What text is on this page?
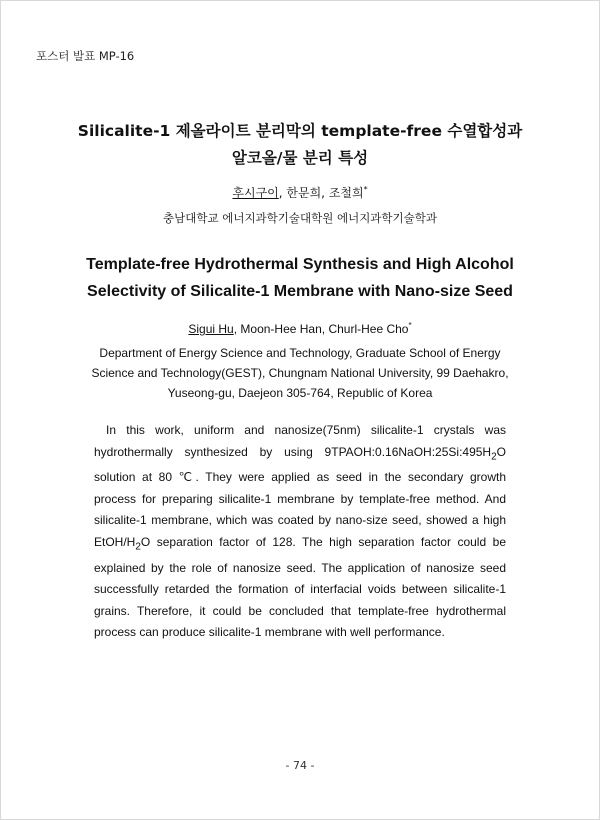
포스터 발표 MP-16
Silicalite-1 제올라이트 분리막의 template-free 수열합성과
알코올/물 분리 특성
후시구이, 한문희, 조철희*
충남대학교 에너지과학기술대학원 에너지과학기술학과
Template-free Hydrothermal Synthesis and High Alcohol
Selectivity of Silicalite-1 Membrane with Nano-size Seed
Sigui Hu, Moon-Hee Han, Churl-Hee Cho*
Department of Energy Science and Technology, Graduate School of Energy
Science and Technology(GEST), Chungnam National University, 99 Daehakro,
Yuseong-gu, Daejeon 305-764, Republic of Korea

In this work, uniform and nanosize(75nm) silicalite-1 crystals was hydrothermally synthesized by using $9TPAOH:0.16NaOH:25Si:495H_2O$ solution at 80 ℃. They were applied as seed in the secondary growth process for preparing silicalite-1 membrane by template-free method. And silicalite-1 membrane, which was coated by nano-size seed, showed a high EtOH/$H_2O$ separation factor of 128. The high separation factor could be explained by the role of nanosize seed. The application of nanosize seed successfully retarded the formation of interfacial voids between silicalite-1 grains. Therefore, it could be concluded that template-free hydrothermal process can produce silicalite-1 membrane with well performance.

- 74 -
